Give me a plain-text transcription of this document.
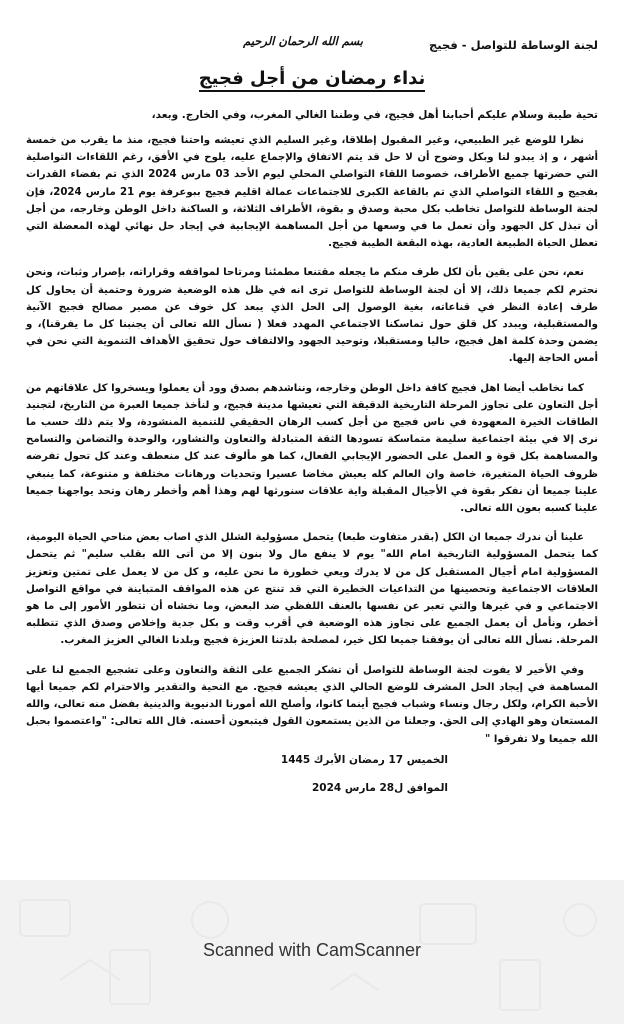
لجنة الوساطة للتواصل - فجيج
بسم الله الرحمان الرحيم
نداء رمضان من أجل فجيج
تحية طيبة وسلام عليكم أحبابنا أهل فجيج، في وطننا الغالي المغرب، وفي الخارج. وبعد،

نظرا للوضع غير الطبيعي، وغير المقبول إطلاقا، وغير السليم الذي تعيشه واحتنا فجيج، منذ ما يقرب من خمسة أشهر ، و إذ يبدو لنا وبكل وضوح أن لا حل قد يتم الاتفاق والإجماع عليه، يلوح في الأفق، رغم اللقاءات التواصلية التي حضرتها جميع الأطراف، خصوصا اللقاء التواصلي المحلي ليوم الأحد 03 مارس 2024 الذي تم بفضاء القدرات بفجيج و اللقاء التواصلي الذي تم بالقاعة الكبرى للاجتماعات عمالة اقليم فجيج ببوعرفة يوم 21 مارس 2024، فإن لجنة الوساطة للتواصل تخاطب بكل محبة وصدق و بقوة، الأطراف الثلاثة، و الساكنة داخل الوطن وخارجه، من أجل أن تبذل كل الجهود وأن تعمل ما في وسعها من أجل المساهمة الإيجابية في إيجاد حل نهائي لهذه المعضلة التي تعطل الحياة الطبيعة العادية، بهذه البقعة الطيبة فجيج.

نعم، نحن على يقين بأن لكل طرف منكم ما يجعله مقتنعا مطمئنا ومرتاحا لمواقفه وقراراته، بإصرار وثبات، ونحن نحترم لكم جميعا ذلك، إلا أن لجنة الوساطة للتواصل ترى انه في ظل هذه الوضعية ضرورة وحتمية أن يحاول كل طرف إعادة النظر في قناعاته، بغية الوصول إلى الحل الذي يبعد كل خوف عن مصير مصالح فجيج الآنية والمستقبلية، ويبدد كل قلق حول تماسكنا الاجتماعي المهدد فعلا ( نسأل الله تعالى أن يجنبنا كل ما يفرقنا)، و يضمن وحدة كلمة اهل فجيج، حاليا ومستقبلا، وتوحيد الجهود والالتفاف حول تحقيق الأهداف التنموية التي نحن في أمس الحاجة إليها.

كما نخاطب أيضا اهل فجيج كافة داخل الوطن وخارجه، ونناشدهم بصدق وود أن يعملوا ويسخروا كل علاقاتهم من أجل التعاون على تجاوز المرحلة التاريخية الدقيقة التي تعيشها مدينة فجيج، و لنأخذ جميعا العبرة من التاريخ، لتجنيد الطاقات الخيرة المعهودة في ناس فجيج من أجل كسب الرهان الحقيقي للتنمية المنشودة، ولا يتم ذلك حسب ما نرى إلا في بيئة اجتماعية سليمة متماسكة تسودها الثقة المتبادلة والتعاون والتشاور، والوحدة والتضامن والتسامح والمساهمة بكل قوة و العمل على الحضور الإيجابي الفعال، كما هو مألوف عند كل منعطف وعند كل تحول تفرضه ظروف الحياة المتغيرة، خاصة وان العالم كله يعيش مخاضا عسيرا وتحديات ورهانات مختلفة و متنوعة، كما ينبغي علينا جميعا أن نفكر بقوة في الأجيال المقبلة واية علاقات سنورثها لهم وهذا أهم وأخطر رهان وتحد يواجهنا جميعا علينا كسبه بعون الله تعالى.

علينا أن ندرك جميعا ان الكل (بقدر متفاوت طبعا) يتحمل مسؤولية الشلل الذي اصاب بعض مناحي الحياة اليومية، كما يتحمل المسؤولية التاريخية امام الله" يوم لا ينفع مال ولا بنون إلا من أتى الله بقلب سليم" ثم يتحمل المسؤولية امام أجيال المستقبل كل من لا يدرك ويعي خطورة ما نحن عليه، و كل من لا يعمل على تمتين وتعزيز العلاقات الاجتماعية وتحصينها من التداعيات الخطيرة التي قد تنتج عن هذه المواقف المتباينة في مواقع التواصل الاجتماعي و في غيرها والتي تعبر عن نفسها بالعنف اللفظي ضد البعض، وما نخشاه أن تتطور الأمور إلى ما هو أخطر، ونأمل أن يعمل الجميع على تجاوز هذه الوضعية في أقرب وقت و بكل جدية وإخلاص وصدق الذي تتطلبه المرحلة. نسأل الله تعالى أن يوفقنا جميعا لكل خير، لمصلحة بلدتنا العزيزة فجيج وبلدنا الغالي العزيز المغرب.

وفي الأخير لا يفوت لجنة الوساطة للتواصل أن تشكر الجميع على الثقة والتعاون وعلى تشجيع الجميع لنا على المساهمة في إيجاد الحل المشرف للوضع الحالي الذي يعيشه فجيج. مع التحية والتقدير والاحترام لكم جميعا أيها الأحبة الكرام، ولكل رجال ونساء وشباب فجيج أينما كانوا، وأصلح الله أمورنا الدنيوية والدينية بفضل منه تعالى، والله المستعان وهو الهادي إلى الحق. وجعلنا من الذين يستمعون القول فيتبعون أحسنه. قال الله تعالى: "واعتصموا بحبل الله جميعا ولا تفرقوا "

الخميس 17 رمضان الأبرك 1445
الموافق ل28 مارس 2024
Scanned with CamScanner
